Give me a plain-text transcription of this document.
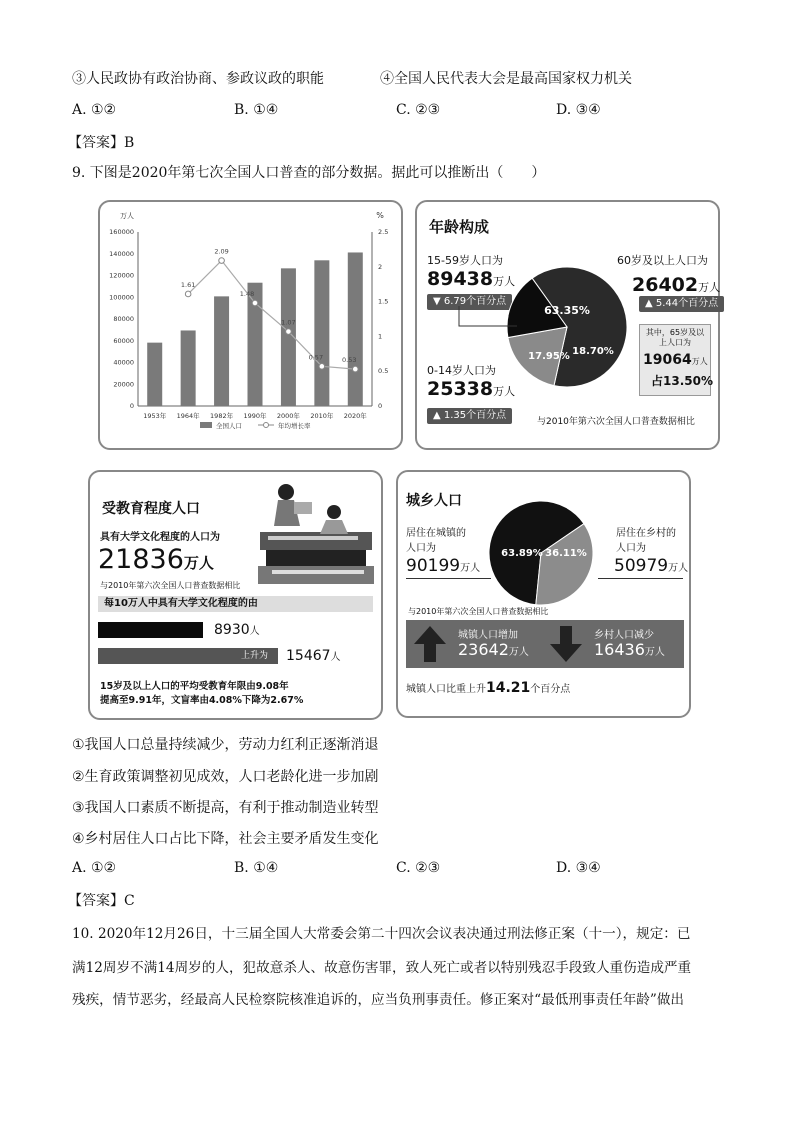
③人民政协有政治协商、参政议政的职能	④全国人民代表大会是最高国家权力机关
A. ①②	B. ①④	C. ②③	D. ③④
【答案】B
9. 下图是2020年第七次全国人口普查的部分数据。据此可以推断出（　　）
万人	%
0
20000
40000
60000
80000
100000
120000
140000
160000
0
0.5
1
1.5
2
2.5
1953年 1964年 1982年 1990年 2000年 2010年 2020年
1.61
2.09
1.48
1.07
0.57	0.53
全国人口	年均增长率
年龄构成
15-59岁人口为
89438万人
▼ 6.79个百分点
60岁及以上人口为
26402万人
▲ 5.44个百分点
其中，65岁及以上人口为
19064万人
占13.50%
0-14岁人口为
25338万人
▲ 1.35个百分点
与2010年第六次全国人口普查数据相比
63.35%
18.70%
17.95%
受教育程度人口
具有大学文化程度的人口为
21836万人
与2010年第六次全国人口普查数据相比
每10万人中具有大学文化程度的由
8930人
上升为	15467人
15岁及以上人口的平均受教育年限由9.08年
提高至9.91年，文盲率由4.08%下降为2.67%
城乡人口
居住在城镇的
人口为
90199万人
居住在乡村的
人口为
50979万人
63.89% 36.11%
与2010年第六次全国人口普查数据相比
城镇人口增加
23642万人
乡村人口减少
16436万人
城镇人口比重上升14.21个百分点
①我国人口总量持续减少，劳动力红利正逐渐消退
②生育政策调整初见成效，人口老龄化进一步加剧
③我国人口素质不断提高，有利于推动制造业转型
④乡村居住人口占比下降，社会主要矛盾发生变化
A. ①②	B. ①④	C. ②③	D. ③④
【答案】C
10. 2020年12月26日，十三届全国人大常委会第二十四次会议表决通过刑法修正案（十一），规定：已
满12周岁不满14周岁的人，犯故意杀人、故意伤害罪，致人死亡或者以特别残忍手段致人重伤造成严重
残疾，情节恶劣，经最高人民检察院核准追诉的，应当负刑事责任。修正案对“最低刑事责任年龄”做出
